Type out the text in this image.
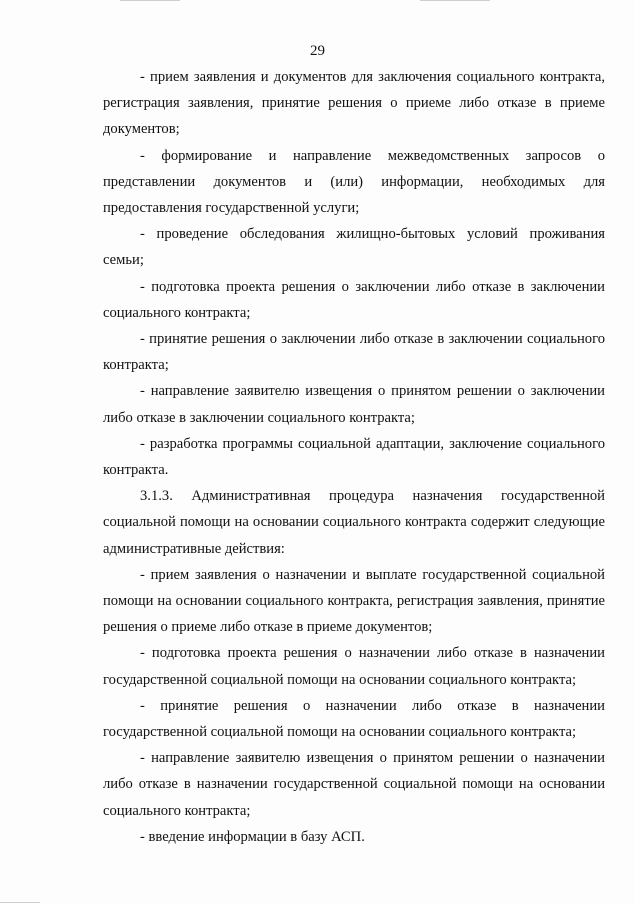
29

- прием заявления и документов для заключения социального контракта, регистрация заявления, принятие решения о приеме либо отказе в приеме документов;

- формирование и направление межведомственных запросов о представлении документов и (или) информации, необходимых для предоставления государственной услуги;

- проведение обследования жилищно-бытовых условий проживания семьи;

- подготовка проекта решения о заключении либо отказе в заключении социального контракта;

- принятие решения о заключении либо отказе в заключении социального контракта;

- направление заявителю извещения о принятом решении о заключении либо отказе в заключении социального контракта;

- разработка программы социальной адаптации, заключение социального контракта.

3.1.3. Административная процедура назначения государственной социальной помощи на основании социального контракта содержит следующие административные действия:

- прием заявления о назначении и выплате государственной социальной помощи на основании социального контракта, регистрация заявления, принятие решения о приеме либо отказе в приеме документов;

- подготовка проекта решения о назначении либо отказе в назначении государственной социальной помощи на основании социального контракта;

- принятие решения о назначении либо отказе в назначении государственной социальной помощи на основании социального контракта;

- направление заявителю извещения о принятом решении о назначении либо отказе в назначении государственной социальной помощи на основании социального контракта;

- введение информации в базу АСП.
